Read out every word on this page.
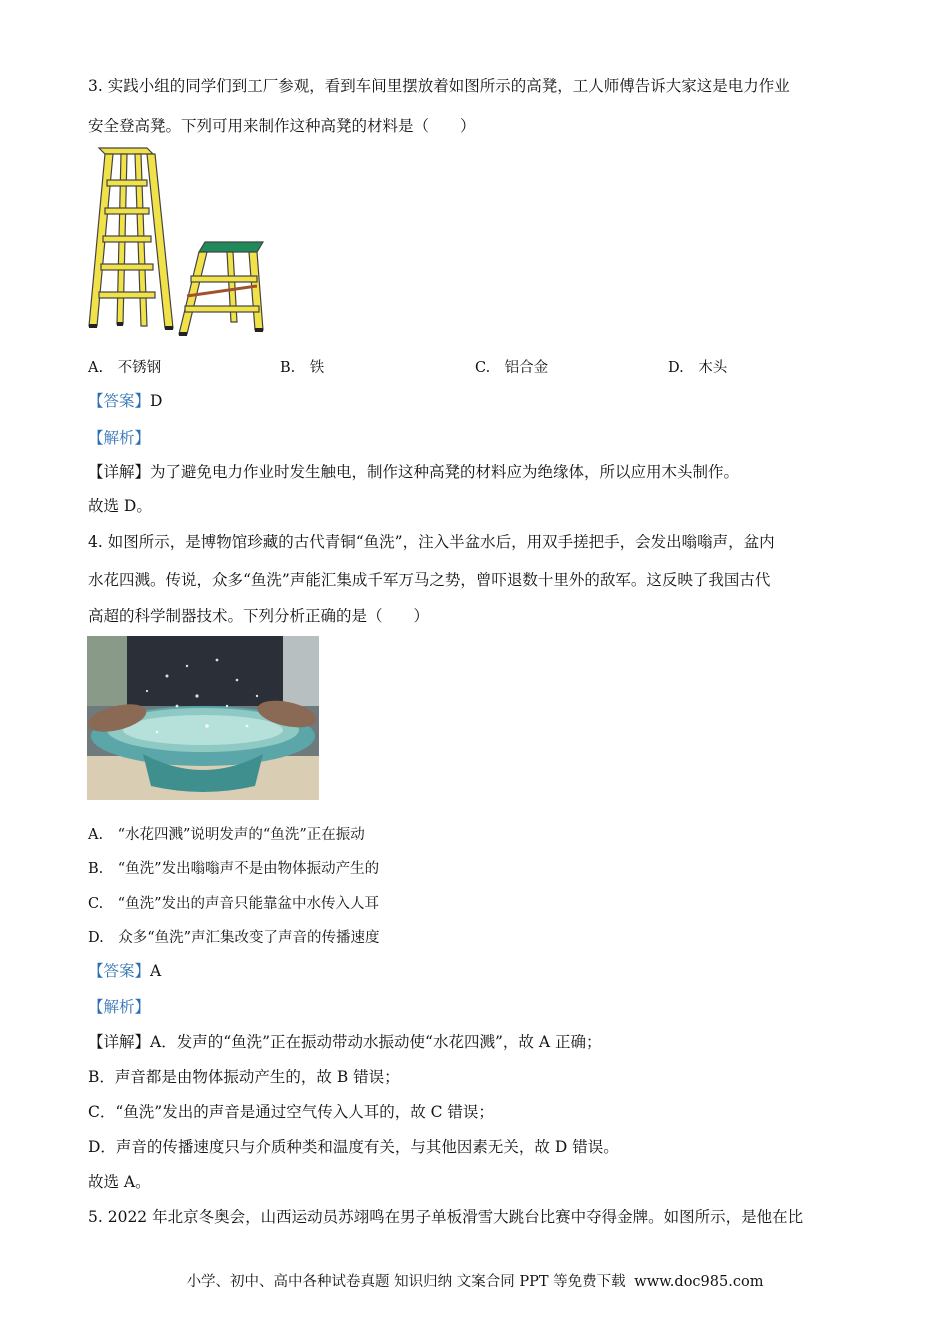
3. 实践小组的同学们到工厂参观，看到车间里摆放着如图所示的高凳，工人师傅告诉大家这是电力作业
安全登高凳。下列可用来制作这种高凳的材料是（　　）
A.　不锈钢	B.　铁	C.　铝合金	D.　木头
【答案】D
【解析】
【详解】为了避免电力作业时发生触电，制作这种高凳的材料应为绝缘体，所以应用木头制作。
故选 D。
4. 如图所示，是博物馆珍藏的古代青铜“鱼洗”，注入半盆水后，用双手搓把手，会发出嗡嗡声，盆内
水花四溅。传说，众多“鱼洗”声能汇集成千军万马之势，曾吓退数十里外的敌军。这反映了我国古代
高超的科学制器技术。下列分析正确的是（　　）
A.　“水花四溅”说明发声的“鱼洗”正在振动
B.　“鱼洗”发出嗡嗡声不是由物体振动产生的
C.　“鱼洗”发出的声音只能靠盆中水传入人耳
D.　众多“鱼洗”声汇集改变了声音的传播速度
【答案】A
【解析】
【详解】A．发声的“鱼洗”正在振动带动水振动使“水花四溅”，故 A 正确；
B．声音都是由物体振动产生的，故 B 错误；
C．“鱼洗”发出的声音是通过空气传入人耳的，故 C 错误；
D．声音的传播速度只与介质种类和温度有关，与其他因素无关，故 D 错误。
故选 A。
5. 2022 年北京冬奥会，山西运动员苏翊鸣在男子单板滑雪大跳台比赛中夺得金牌。如图所示，是他在比
小学、初中、高中各种试卷真题 知识归纳 文案合同 PPT 等免费下载 www.doc985.com
